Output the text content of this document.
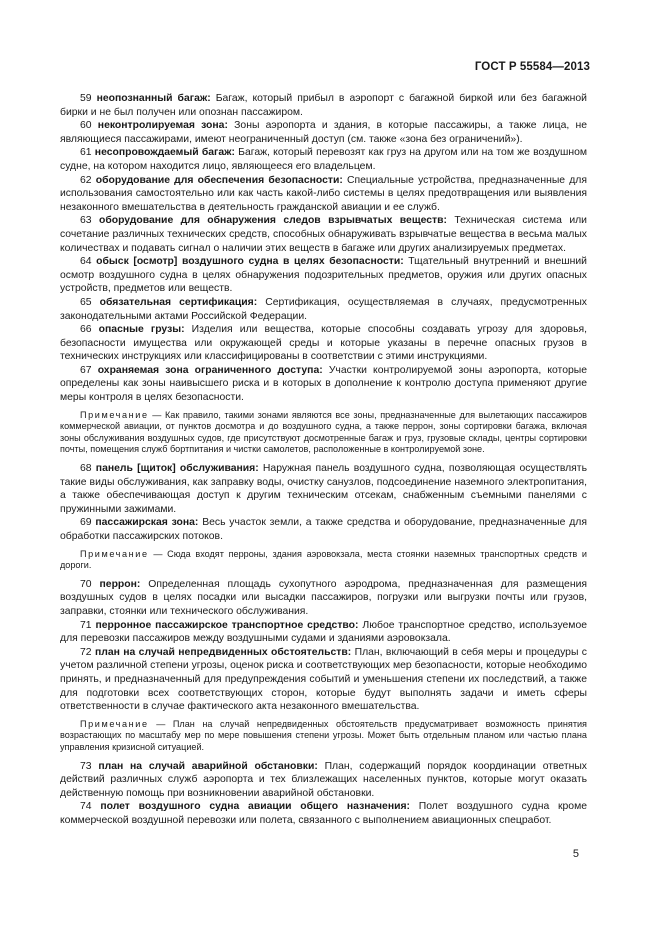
ГОСТ Р 55584—2013

59 неопознанный багаж: Багаж, который прибыл в аэропорт с багажной биркой или без багажной бирки и не был получен или опознан пассажиром.

60 неконтролируемая зона: Зоны аэропорта и здания, в которые пассажиры, а также лица, не являющиеся пассажирами, имеют неограниченный доступ (см. также «зона без ограничений»).

61 несопровождаемый багаж: Багаж, который перевозят как груз на другом или на том же воздушном судне, на котором находится лицо, являющееся его владельцем.

62 оборудование для обеспечения безопасности: Специальные устройства, предназначенные для использования самостоятельно или как часть какой-либо системы в целях предотвращения или выявления незаконного вмешательства в деятельность гражданской авиации и ее служб.

63 оборудование для обнаружения следов взрывчатых веществ: Техническая система или сочетание различных технических средств, способных обнаруживать взрывчатые вещества в весьма малых количествах и подавать сигнал о наличии этих веществ в багаже или других анализируемых предметах.

64 обыск [осмотр] воздушного судна в целях безопасности: Тщательный внутренний и внешний осмотр воздушного судна в целях обнаружения подозрительных предметов, оружия или других опасных устройств, предметов или веществ.

65 обязательная сертификация: Сертификация, осуществляемая в случаях, предусмотренных законодательными актами Российской Федерации.

66 опасные грузы: Изделия или вещества, которые способны создавать угрозу для здоровья, безопасности имущества или окружающей среды и которые указаны в перечне опасных грузов в технических инструкциях или классифицированы в соответствии с этими инструкциями.

67 охраняемая зона ограниченного доступа: Участки контролируемой зоны аэропорта, которые определены как зоны наивысшего риска и в которых в дополнение к контролю доступа применяют другие меры контроля в целях безопасности.

Примечание — Как правило, такими зонами являются все зоны, предназначенные для вылетающих пассажиров коммерческой авиации, от пунктов досмотра и до воздушного судна, а также перрон, зоны сортировки багажа, включая зоны обслуживания воздушных судов, где присутствуют досмотренные багаж и груз, грузовые склады, центры сортировки почты, помещения служб бортпитания и чистки самолетов, расположенные в контролируемой зоне.

68 панель [щиток] обслуживания: Наружная панель воздушного судна, позволяющая осуществлять такие виды обслуживания, как заправку воды, очистку санузлов, подсоединение наземного электропитания, а также обеспечивающая доступ к другим техническим отсекам, снабженным съемными панелями с пружинными зажимами.

69 пассажирская зона: Весь участок земли, а также средства и оборудование, предназначенные для обработки пассажирских потоков.

Примечание — Сюда входят перроны, здания аэровокзала, места стоянки наземных транспортных средств и дороги.

70 перрон: Определенная площадь сухопутного аэродрома, предназначенная для размещения воздушных судов в целях посадки или высадки пассажиров, погрузки или выгрузки почты или грузов, заправки, стоянки или технического обслуживания.

71 перронное пассажирское транспортное средство: Любое транспортное средство, используемое для перевозки пассажиров между воздушными судами и зданиями аэровокзала.

72 план на случай непредвиденных обстоятельств: План, включающий в себя меры и процедуры с учетом различной степени угрозы, оценок риска и соответствующих мер безопасности, которые необходимо принять, и предназначенный для предупреждения событий и уменьшения степени их последствий, а также для подготовки всех соответствующих сторон, которые будут выполнять задачи и иметь сферы ответственности в случае фактического акта незаконного вмешательства.

Примечание — План на случай непредвиденных обстоятельств предусматривает возможность принятия возрастающих по масштабу мер по мере повышения степени угрозы. Может быть отдельным планом или частью плана управления кризисной ситуацией.

73 план на случай аварийной обстановки: План, содержащий порядок координации ответных действий различных служб аэропорта и тех близлежащих населенных пунктов, которые могут оказать действенную помощь при возникновении аварийной обстановки.

74 полет воздушного судна авиации общего назначения: Полет воздушного судна кроме коммерческой воздушной перевозки или полета, связанного с выполнением авиационных спецработ.

5
